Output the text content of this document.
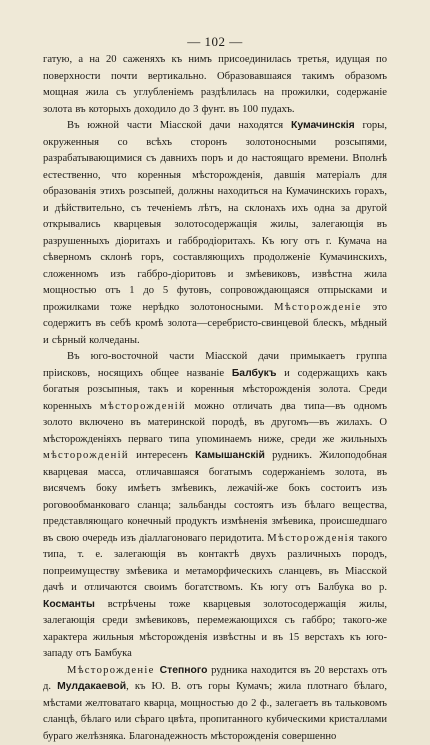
— 102 —

гатую, а на 20 саженяхъ къ нимъ присоединилась третья, идущая по поверхности почти вертикально. Образовавшаяся такимъ образомъ мощная жила съ углубленіемъ раздѣлилась на прожилки, содержаніе золота въ которыхъ доходило до 3 фунт. въ 100 пудахъ.

Въ южной части Міасской дачи находятся Кумачинскія горы, окруженныя со всѣхъ сторонъ золотоносными розсыпями, разрабатывающимися съ давнихъ поръ и до настоящаго времени. Вполнѣ естественно, что коренныя мѣсторожденія, давшія матеріалъ для образованія этихъ розсыпей, должны находиться на Кумачинскихъ горахъ, и дѣйствительно, съ теченіемъ лѣтъ, на склонахъ ихъ одна за другой открывались кварцевыя золотосодержащія жилы, залегающія въ разрушенныхъ діоритахъ и габбродіоритахъ. Къ югу отъ г. Кумача на сѣверномъ склонѣ горъ, составляющихъ продолженіе Кумачинскихъ, сложенномъ изъ габбро-діоритовъ и змѣевиковъ, извѣстна жила мощностью отъ 1 до 5 футовъ, сопровождающаяся отпрысками и прожилками тоже нерѣдко золотоносными. Мѣсторожденіе это содержитъ въ себѣ кромѣ золота—серебристо-свинцевой блескъ, мѣдный и сѣрный колчеданы.

Въ юго-восточной части Міасской дачи примыкаетъ группа пріисковъ, носящихъ общее названіе Балбукъ и содержащихъ какъ богатыя розсыпныя, такъ и коренныя мѣсторожденія золота. Среди коренныхъ мѣсторожденій можно отличать два типа—въ одномъ золото включено въ материнской породѣ, въ другомъ—въ жилахъ. О мѣсторожденіяхъ перваго типа упоминаемъ ниже, среди же жильныхъ мѣсторожденій интересенъ Камышанскій рудникъ. Жилоподобная кварцевая масса, отличавшаяся богатымъ содержаніемъ золота, въ висячемъ боку имѣетъ змѣевикъ, лежачій-же бокъ состоитъ изъ роговообманковаго сланца; зальбанды состоятъ изъ бѣлаго вещества, представляющаго конечный продуктъ измѣненія змѣевика, происшедшаго въ свою очередь изъ діаллагоноваго перидотита. Мѣсторожденія такого типа, т. е. залегающія въ контактѣ двухъ различныхъ породъ, попреимуществу змѣевика и метаморфическихъ сланцевъ, въ Міасской дачѣ и отличаются своимъ богатствомъ. Къ югу отъ Балбука во р. Косманты встрѣчены тоже кварцевыя золотосодержащія жилы, залегающія среди змѣевиковъ, перемежающихся съ габбро; такого-же характера жильныя мѣсторожденія извѣстны и въ 15 верстахъ къ юго-западу отъ Бамбука

Мѣсторожденіе Степного рудника находится въ 20 верстахъ отъ д. Мулдакаевой, къ Ю. В. отъ горы Кумачъ; жила плотнаго бѣлаго, мѣстами желтоватаго кварца, мощностью до 2 ф., залегаетъ въ тальковомъ сланцѣ, бѣлаго или сѣраго цвѣта, пропитанного кубическими кристаллами бураго желѣзняка. Благонадежность мѣсторожденія совершенно
